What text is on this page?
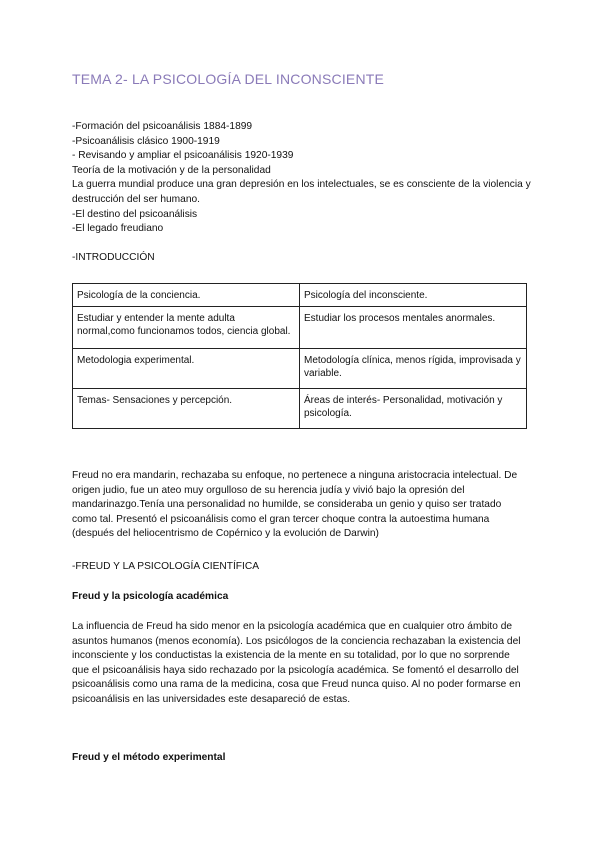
TEMA 2- LA PSICOLOGÍA DEL INCONSCIENTE
-Formación del psicoanálisis 1884-1899
-Psicoanálisis clásico 1900-1919
- Revisando y ampliar el psicoanálisis 1920-1939
Teoría de la motivación y de la personalidad
La guerra mundial produce una gran depresión en los intelectuales, se es consciente de la violencia y destrucción del ser humano.
-El destino del psicoanálisis
-El legado freudiano
-INTRODUCCIÓN
Psicología de la conciencia.	Psicología del inconsciente.
Estudiar y entender la mente adulta normal,como funcionamos todos, ciencia global.	Estudiar los procesos mentales anormales.
Metodologia experimental.	Metodología clínica, menos rígida, improvisada y variable.
Temas- Sensaciones y percepción.	Áreas de interés- Personalidad, motivación y psicología.
Freud no era mandarin, rechazaba su enfoque, no pertenece a ninguna aristocracia intelectual. De origen judio, fue un ateo muy orgulloso de su herencia judía y vivió bajo la opresión del mandarinazgo.Tenía una personalidad no humilde, se consideraba un genio y quiso ser tratado como tal. Presentó el psicoanálisis como el gran tercer choque contra la autoestima humana (después del heliocentrismo de Copérnico y la evolución de Darwin)
-FREUD Y LA PSICOLOGÍA CIENTÍFICA
Freud y la psicología académica
La influencia de Freud ha sido menor en la psicología académica que en cualquier otro ámbito de asuntos humanos (menos economía). Los psicólogos de la conciencia rechazaban la existencia del inconsciente y los conductistas la existencia de la mente en su totalidad, por lo que no sorprende que el psicoanálisis haya sido rechazado por la psicología académica. Se fomentó el desarrollo del psicoanálisis como una rama de la medicina, cosa que Freud nunca quiso. Al no poder formarse en psicoanálisis en las universidades este desapareció de estas.
Freud y el método experimental
